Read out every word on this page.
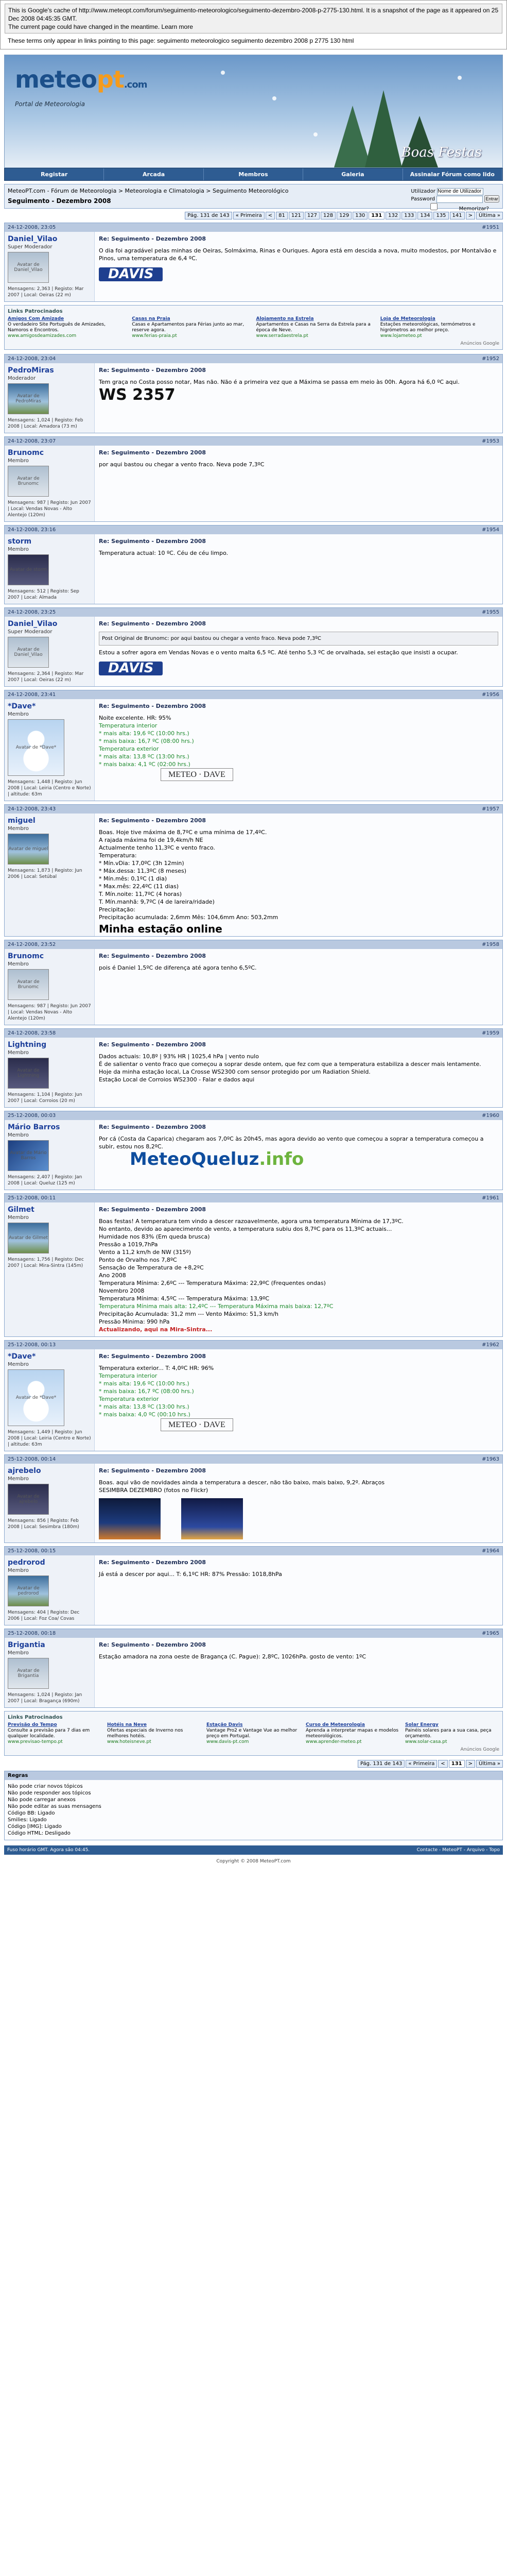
This is Google's cache of http://www.meteopt.com/forum/seguimento-meteorologico/seguimento-dezembro-2008-p-2775-130.html. It is a snapshot of the page as it appeared on 25 Dec 2008 04:45:35 GMT.
The current page could have changed in the meantime. Learn more
These terms only appear in links pointing to this page: seguimento meteorologico seguimento dezembro 2008 p 2775 130 html
meteopt.com
Portal de Meteorologia
Boas Festas
Registar	Arcada	Membros	Galeria	Assinalar Fórum como lido
MeteoPT.com - Fórum de Meteorologia > Meteorologia e Climatologia > Seguimento Meteorológico
Seguimento - Dezembro 2008
Utilizador Nome de Utilizador
Password	Entrar
Memorizar?
Pág. 131 de 143	« Primeira	<	81	121	127	128	129	130	131	132	133	134	135	141	>	Última »
24-12-2008, 23:05	#1951
Daniel_Vilao
Super Moderador
Avatar de Daniel_Vilao
Mensagens: 2,363 | Registo: Mar 2007 | Local: Oeiras (22 m)
Re: Seguimento - Dezembro 2008
O dia foi agradável pelas minhas de Oeiras, Solmáxima, Rinas e Ouriques. Agora está em descida a nova, muito modestos, por Montalvão e Pinos, uma temperatura de 6,4 ºC.
DAVIS
Links Patrocinados
Amigos Com Amizade
O verdadeiro Site Português de Amizades, Namoros e Encontros.
www.amigosdeamizades.com
Casas na Praia
Casas e Apartamentos para Férias junto ao mar, reserve agora.
www.ferias-praia.pt
Alojamento na Estrela
Apartamentos e Casas na Serra da Estrela para a época de Neve.
www.serradaestrela.pt
Loja de Meteorologia
Estações meteorológicas, termómetros e higrómetros ao melhor preço.
www.lojameteo.pt
Anúncios Google
24-12-2008, 23:04	#1952
PedroMiras
Moderador
Avatar de PedroMiras
Mensagens: 1,024 | Registo: Feb 2008 | Local: Amadora (73 m)
Re: Seguimento - Dezembro 2008
Tem graça no Costa posso notar, Mas não. Não é a primeira vez que a Máxima se passa em meio às 00h. Agora há 6,0 ºC aqui.
WS 2357
24-12-2008, 23:07	#1953
Brunomc
Membro
Avatar de Brunomc
Mensagens: 987 | Registo: Jun 2007 | Local: Vendas Novas - Alto Alentejo (120m)
Re: Seguimento - Dezembro 2008
por aqui bastou ou chegar a vento fraco. Neva pode 7,3ºC
24-12-2008, 23:16	#1954
storm
Membro
Avatar de storm
Mensagens: 512 | Registo: Sep 2007 | Local: Almada
Re: Seguimento - Dezembro 2008
Temperatura actual: 10 ºC. Céu de céu limpo.
24-12-2008, 23:25	#1955
Daniel_Vilao
Super Moderador
Avatar de Daniel_Vilao
Mensagens: 2,364 | Registo: Mar 2007 | Local: Oeiras (22 m)
Re: Seguimento - Dezembro 2008
Post Original de Brunomc: por aqui bastou ou chegar a vento fraco. Neva pode 7,3ºC
Estou a sofrer agora em Vendas Novas e o vento malta 6,5 ºC. Até tenho 5,3 ºC de orvalhada, sei estação que insisti a ocupar.
DAVIS
24-12-2008, 23:41	#1956
*Dave*
Membro
Avatar de *Dave*
Mensagens: 1,448 | Registo: Jun 2008 | Local: Leiria (Centro e Norte) | altitude: 63m
Re: Seguimento - Dezembro 2008
Noite excelente. HR: 95%
Temperatura interior
* mais alta: 19,6 ºC (10:00 hrs.)
* mais baixa: 16,7 ºC (08:00 hrs.)
Temperatura exterior
* mais alta: 13,8 ºC (13:00 hrs.)
* mais baixa: 4,1 ºC (02:00 hrs.)
METEO · DAVE
24-12-2008, 23:43	#1957
miguel
Membro
Avatar de miguel
Mensagens: 1,873 | Registo: Jun 2006 | Local: Setúbal
Re: Seguimento - Dezembro 2008
Boas. Hoje tive máxima de 8,7ºC e uma mínima de 17,4ºC.
A rajada máxima foi de 19,4km/h NE
Actualmente tenho 11,3ºC e vento fraco.
Temperatura:
* Mín.vDia: 17,0ºC (3h 12min)
* Máx.dessa: 11,3ºC (8 meses)
* Mín.mês: 0,1ºC (1 dia)
* Max.mês: 22,4ºC (11 dias)
T. Mín.noite: 11,7ºC (4 horas)
T. Mín.manhã: 9,7ºC (4 de lareira/ridade)
Precipitação:
Precipitação acumulada: 2,6mm Mês: 104,6mm Ano: 503,2mm
Minha estação online
24-12-2008, 23:52	#1958
Brunomc
Membro
Avatar de Brunomc
Mensagens: 987 | Registo: Jun 2007 | Local: Vendas Novas - Alto Alentejo (120m)
Re: Seguimento - Dezembro 2008
pois é Daniel 1,5ºC de diferença até agora tenho 6,5ºC.
24-12-2008, 23:58	#1959
Lightning
Membro
Avatar de Lightning
Mensagens: 1,104 | Registo: Jun 2007 | Local: Corroios (20 m)
Re: Seguimento - Dezembro 2008
Dados actuais: 10,8º | 93% HR | 1025,4 hPa | vento nulo
É de salientar o vento fraco que começou a soprar desde ontem, que fez com que a temperatura estabiliza a descer mais lentamente.
Hoje da minha estação local, La Crosse WS2300 com sensor protegido por um Radiation Shield.
Estação Local de Corroios WS2300 - Falar e dados aqui
25-12-2008, 00:03	#1960
Mário Barros
Membro
Avatar de Mário Barros
Mensagens: 2,407 | Registo: Jan 2008 | Local: Queluz (125 m)
Re: Seguimento - Dezembro 2008
Por cá (Costa da Caparica) chegaram aos 7,0ºC às 20h45, mas agora devido ao vento que começou a soprar a temperatura começou a subir, estou nos 8,2ºC.
MeteoQueluz.info
25-12-2008, 00:11	#1961
Gilmet
Membro
Avatar de Gilmet
Mensagens: 1,756 | Registo: Dec 2007 | Local: Mira-Sintra (145m)
Re: Seguimento - Dezembro 2008
Boas festas! A temperatura tem vindo a descer razoavelmente, agora uma temperatura Mínima de 17,3ºC.
No entanto, devido ao aparecimento de vento, a temperatura subiu dos 8,7ºC para os 11,3ºC actuais...
Humidade nos 83% (Em queda brusca)
Pressão a 1019,7hPa
Vento a 11,2 km/h de NW (315º)
Ponto de Orvalho nos 7,8ºC
Sensação de Temperatura de +8,2ºC
Ano 2008
Temperatura Mínima: 2,6ºC --- Temperatura Máxima: 22,9ºC (Frequentes ondas)
Novembro 2008
Temperatura Mínima: 4,5ºC --- Temperatura Máxima: 13,9ºC
Temperatura Mínima mais alta: 12,4ºC --- Temperatura Máxima mais baixa: 12,7ºC
Precipitação Acumulada: 31,2 mm --- Vento Máximo: 51,3 km/h
Pressão Mínima: 990 hPa
Actualizando, aqui na Mira-Sintra...
25-12-2008, 00:13	#1962
*Dave*
Membro
Avatar de *Dave*
Mensagens: 1,449 | Registo: Jun 2008 | Local: Leiria (Centro e Norte) | altitude: 63m
Re: Seguimento - Dezembro 2008
Temperatura exterior... T: 4,0ºC HR: 96%
Temperatura interior
* mais alta: 19,6 ºC (10:00 hrs.)
* mais baixa: 16,7 ºC (08:00 hrs.)
Temperatura exterior
* mais alta: 13,8 ºC (13:00 hrs.)
* mais baixa: 4,0 ºC (00:10 hrs.)
METEO · DAVE
25-12-2008, 00:14	#1963
ajrebelo
Membro
Avatar de ajrebelo
Mensagens: 856 | Registo: Feb 2008 | Local: Sesimbra (180m)
Re: Seguimento - Dezembro 2008
Boas. aqui vão de novidades ainda a temperatura a descer, não tão baixo, mais baixo, 9,2º. Abraços
SESIMBRA DEZEMBRO (fotos no Flickr)
25-12-2008, 00:15	#1964
pedrorod
Membro
Avatar de pedrorod
Mensagens: 404 | Registo: Dec 2006 | Local: Foz Coa/ Covas
Re: Seguimento - Dezembro 2008
Já está a descer por aqui... T: 6,1ºC HR: 87% Pressão: 1018,8hPa
25-12-2008, 00:18	#1965
Brigantia
Membro
Avatar de Brigantia
Mensagens: 1,024 | Registo: Jan 2007 | Local: Bragança (690m)
Re: Seguimento - Dezembro 2008
Estação amadora na zona oeste de Bragança (C. Pague): 2,8ºC, 1026hPa. gosto de vento: 1ºC
Links Patrocinados
Previsão do Tempo
Consulte a previsão para 7 dias em qualquer localidade.
www.previsao-tempo.pt
Hotéis na Neve
Ofertas especiais de Inverno nos melhores hotéis.
www.hoteisneve.pt
Estação Davis
Vantage Pro2 e Vantage Vue ao melhor preço em Portugal.
www.davis-pt.com
Curso de Meteorologia
Aprenda a interpretar mapas e modelos meteorológicos.
www.aprender-meteo.pt
Solar Energy
Painéis solares para a sua casa, peça orçamento.
www.solar-casa.pt
Anúncios Google
Pág. 131 de 143	« Primeira	<	131	>	Última »
Regras
Não pode criar novos tópicos
Não pode responder aos tópicos
Não pode carregar anexos
Não pode editar as suas mensagens
Código BB: Ligado
Smilies: Ligado
Código [IMG]: Ligado
Código HTML: Desligado
Fuso horário GMT. Agora são 04:45.	Contacte - MeteoPT - Arquivo - Topo
Copyright © 2008 MeteoPT.com
